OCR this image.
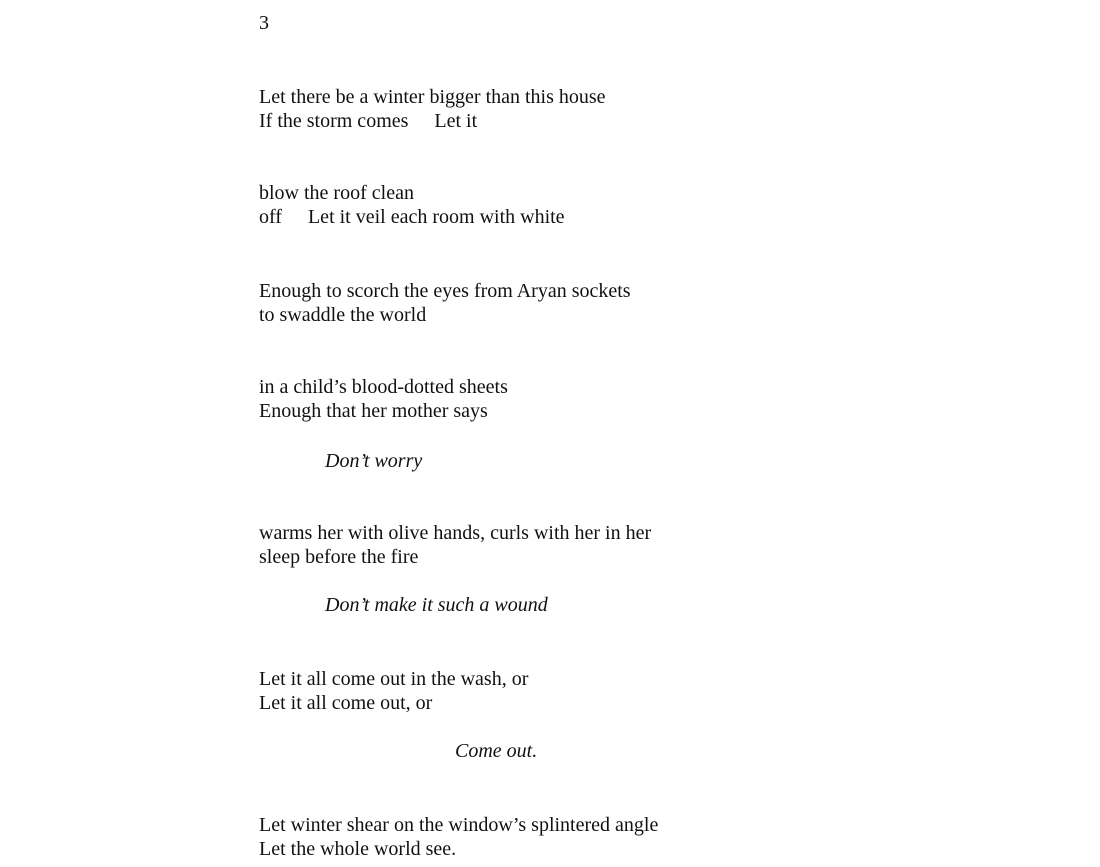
3
Let there be a winter bigger than this house
If the storm comes Let it
blow the roof clean
off Let it veil each room with white
Enough to scorch the eyes from Aryan sockets
to swaddle the world
in a child’s blood-dotted sheets
Enough that her mother says
Don’t worry
warms her with olive hands, curls with her in her
sleep before the fire
Don’t make it such a wound
Let it all come out in the wash, or
Let it all come out, or
Come out.
Let winter shear on the window’s splintered angle
Let the whole world see.
